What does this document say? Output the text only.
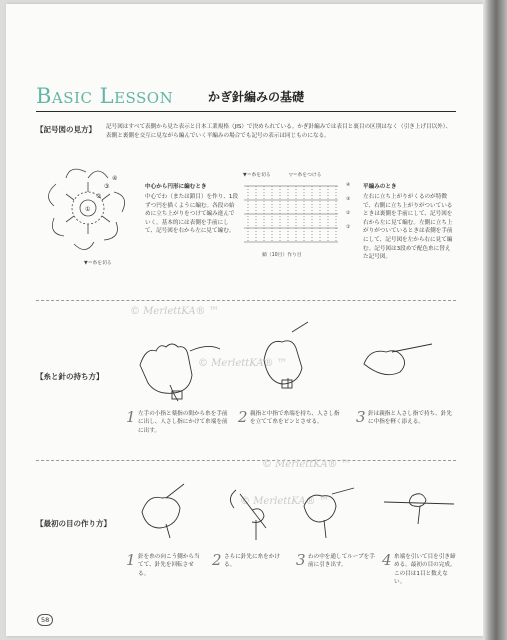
Basic Lesson	かぎ針編みの基礎
【記号図の見方】 記号図はすべて表側から見た表示と日本工業規格（JIS）で決められている。かぎ針編みでは表目と裏目の区別はなく（引き上げ目以外）、表側と裏側を交互に見ながら編んでいく平編みの場合でも記号の表示は同じものになる。
①
②
③
④
▼＝糸を切る
中心から円形に編むとき
中心でわ（または鎖目）を作り、1段ずつ円を描くように編む。各段の始めに立ち上がりをつけて編み進んでいく。基本的には表側を手前にして、記号図を右から左に見て編む。
▼＝糸を切る	▽＝糸をつける
④
③
②
①
鎖（10目）作り目
平編みのとき
左右に立ち上がりがくるのが特徴で、右側に立ち上がりがついているときは裏側を手前にして、記号図を右から左に見て編む。左側に立ち上がりがついているときは表側を手前にして、記号図を左から右に見て編む。記号図は3段めで配色糸に替えた記号図。
© MerlettKA® ™
【糸と針の持ち方】
© MerlettKA® ™
1 左手の小指と薬指の間から糸を手前に出し、人さし指にかけて糸端を前に出す。
2 親指と中指で糸端を持ち、人さし指を立てて糸をピンとさせる。	3 針は親指と人さし指で持ち、針先に中指を軽く添える。
【最初の目の作り方】
© MerlettKA® ™
© MerlettKA® ™
1 針を糸の向こう側から当てて、針先を回転させる。
2 さらに針先に糸をかける。	3 わの中を通してループを手前に引き出す。	4 糸端を引いて目を引き締める。最初の目の完成。この目は1目と数えない。
58
